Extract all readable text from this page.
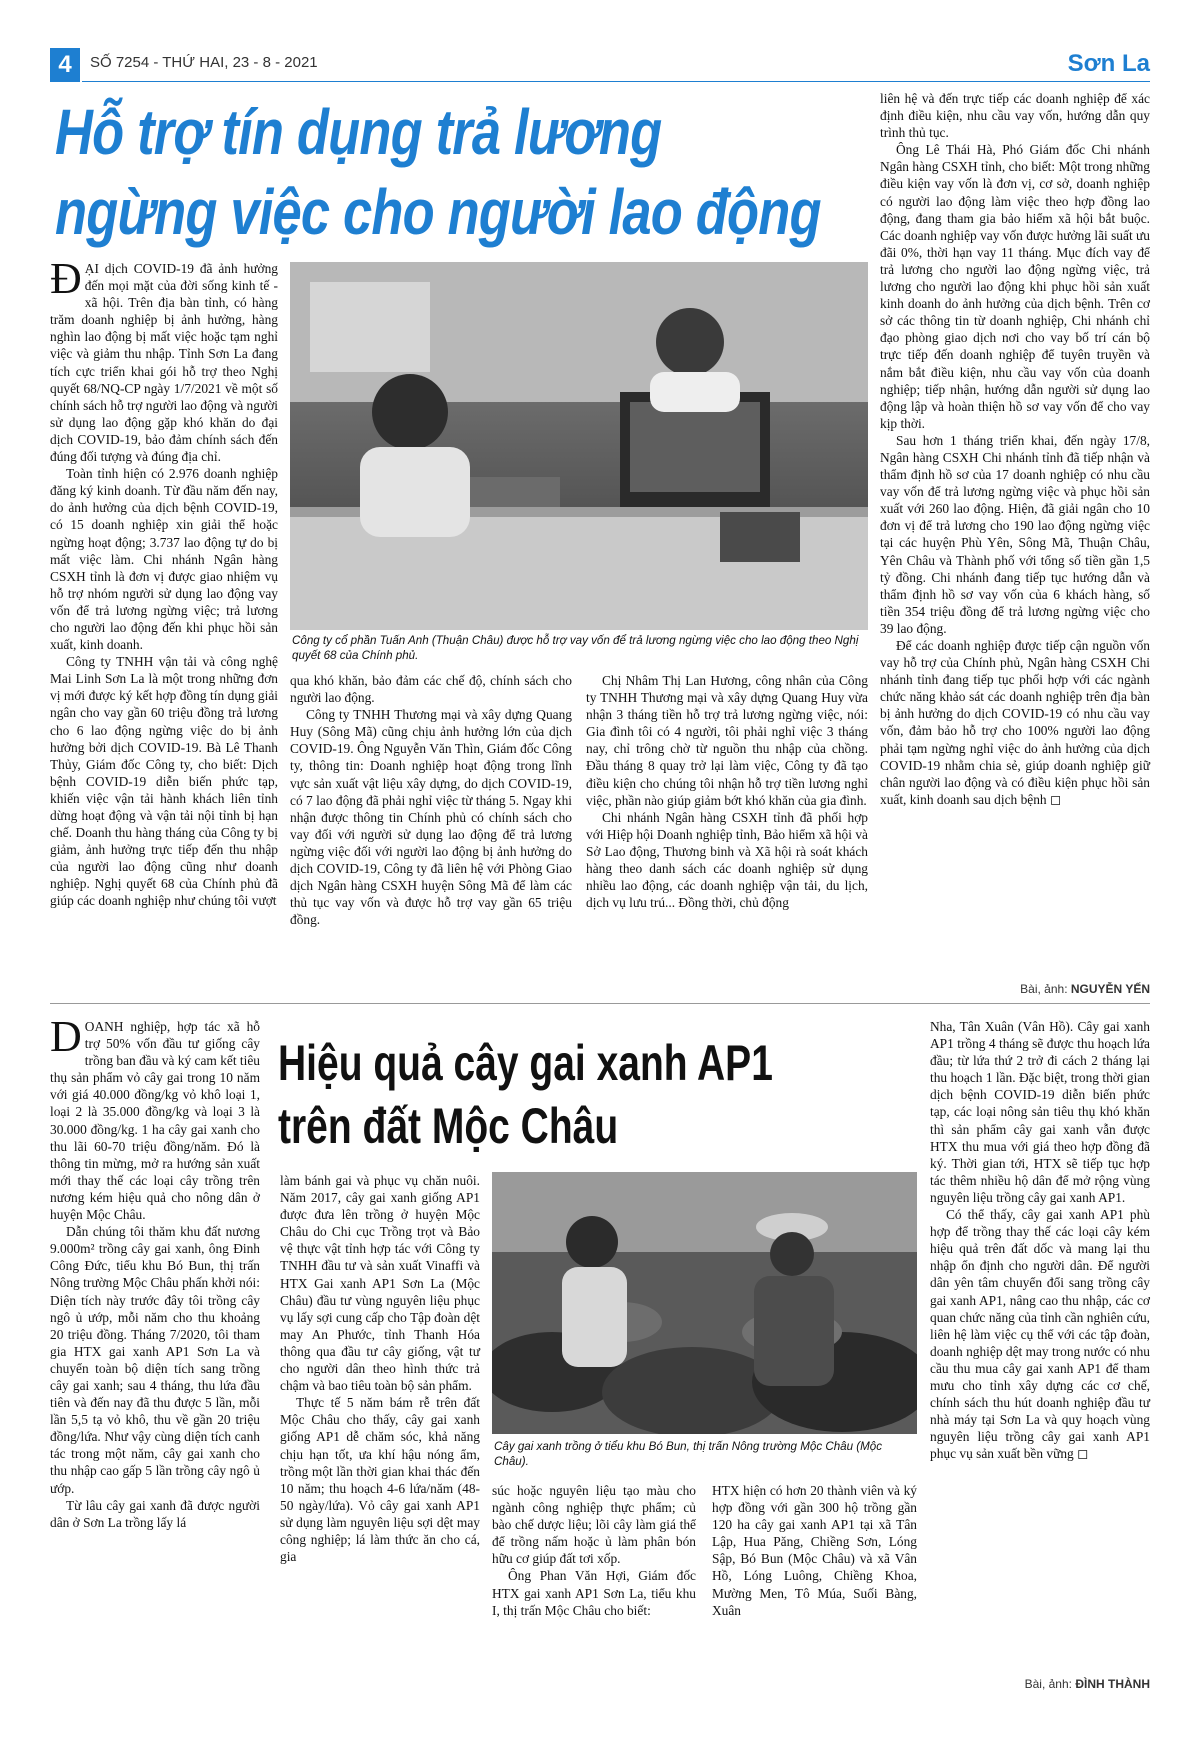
4	SỐ 7254 - THỨ HAI, 23 - 8 - 2021	Sơn La
Hỗ trợ tín dụng trả lương
ngừng việc cho người lao động

ĐẠI dịch COVID-19 đã ảnh hưởng đến mọi mặt của đời sống kinh tế - xã hội. Trên địa bàn tỉnh, có hàng trăm doanh nghiệp bị ảnh hưởng, hàng nghìn lao động bị mất việc hoặc tạm nghỉ việc và giảm thu nhập. Tỉnh Sơn La đang tích cực triển khai gói hỗ trợ theo Nghị quyết 68/NQ-CP ngày 1/7/2021 về một số chính sách hỗ trợ người lao động và người sử dụng lao động gặp khó khăn do đại dịch COVID-19, bảo đảm chính sách đến đúng đối tượng và đúng địa chỉ.

Toàn tỉnh hiện có 2.976 doanh nghiệp đăng ký kinh doanh. Từ đầu năm đến nay, do ảnh hưởng của dịch bệnh COVID-19, có 15 doanh nghiệp xin giải thể hoặc ngừng hoạt động; 3.737 lao động tự do bị mất việc làm. Chi nhánh Ngân hàng CSXH tỉnh là đơn vị được giao nhiệm vụ hỗ trợ nhóm người sử dụng lao động vay vốn để trả lương ngừng việc; trả lương cho người lao động đến khi phục hồi sản xuất, kinh doanh.

Công ty TNHH vận tải và công nghệ Mai Linh Sơn La là một trong những đơn vị mới được ký kết hợp đồng tín dụng giải ngân cho vay gần 60 triệu đồng trả lương cho 6 lao động ngừng việc do bị ảnh hưởng bởi dịch COVID-19. Bà Lê Thanh Thủy, Giám đốc Công ty, cho biết: Dịch bệnh COVID-19 diễn biến phức tạp, khiến việc vận tải hành khách liên tỉnh dừng hoạt động và vận tải nội tỉnh bị hạn chế. Doanh thu hàng tháng của Công ty bị giảm, ảnh hưởng trực tiếp đến thu nhập của người lao động cũng như doanh nghiệp. Nghị quyết 68 của Chính phủ đã giúp các doanh nghiệp như chúng tôi vượt

Công ty cổ phần Tuấn Anh (Thuận Châu) được hỗ trợ vay vốn để trả lương ngừng việc cho lao động theo Nghị quyết 68 của Chính phủ.

qua khó khăn, bảo đảm các chế độ, chính sách cho người lao động.

Công ty TNHH Thương mại và xây dựng Quang Huy (Sông Mã) cũng chịu ảnh hưởng lớn của dịch COVID-19. Ông Nguyễn Văn Thìn, Giám đốc Công ty, thông tin: Doanh nghiệp hoạt động trong lĩnh vực sản xuất vật liệu xây dựng, do dịch COVID-19, có 7 lao động đã phải nghỉ việc từ tháng 5. Ngay khi nhận được thông tin Chính phủ có chính sách cho vay đối với người sử dụng lao động để trả lương ngừng việc đối với người lao động bị ảnh hưởng do dịch COVID-19, Công ty đã liên hệ với Phòng Giao dịch Ngân hàng CSXH huyện Sông Mã để làm các thủ tục vay vốn và được hỗ trợ vay gần 65 triệu đồng.

Chị Nhâm Thị Lan Hương, công nhân của Công ty TNHH Thương mại và xây dựng Quang Huy vừa nhận 3 tháng tiền hỗ trợ trả lương ngừng việc, nói: Gia đình tôi có 4 người, tôi phải nghỉ việc 3 tháng nay, chỉ trông chờ từ nguồn thu nhập của chồng. Đầu tháng 8 quay trở lại làm việc, Công ty đã tạo điều kiện cho chúng tôi nhận hỗ trợ tiền lương nghỉ việc, phần nào giúp giảm bớt khó khăn của gia đình.

Chi nhánh Ngân hàng CSXH tỉnh đã phối hợp với Hiệp hội Doanh nghiệp tỉnh, Bảo hiểm xã hội và Sở Lao động, Thương binh và Xã hội rà soát khách hàng theo danh sách các doanh nghiệp sử dụng nhiều lao động, các doanh nghiệp vận tải, du lịch, dịch vụ lưu trú... Đồng thời, chủ động

liên hệ và đến trực tiếp các doanh nghiệp để xác định điều kiện, nhu cầu vay vốn, hướng dẫn quy trình thủ tục.

Ông Lê Thái Hà, Phó Giám đốc Chi nhánh Ngân hàng CSXH tỉnh, cho biết: Một trong những điều kiện vay vốn là đơn vị, cơ sở, doanh nghiệp có người lao động làm việc theo hợp đồng lao động, đang tham gia bảo hiểm xã hội bắt buộc. Các doanh nghiệp vay vốn được hưởng lãi suất ưu đãi 0%, thời hạn vay 11 tháng. Mục đích vay để trả lương cho người lao động ngừng việc, trả lương cho người lao động khi phục hồi sản xuất kinh doanh do ảnh hưởng của dịch bệnh. Trên cơ sở các thông tin từ doanh nghiệp, Chi nhánh chỉ đạo phòng giao dịch nơi cho vay bố trí cán bộ trực tiếp đến doanh nghiệp để tuyên truyền và nắm bắt điều kiện, nhu cầu vay vốn của doanh nghiệp; tiếp nhận, hướng dẫn người sử dụng lao động lập và hoàn thiện hồ sơ vay vốn để cho vay kịp thời.

Sau hơn 1 tháng triển khai, đến ngày 17/8, Ngân hàng CSXH Chi nhánh tỉnh đã tiếp nhận và thẩm định hồ sơ của 17 doanh nghiệp có nhu cầu vay vốn để trả lương ngừng việc và phục hồi sản xuất với 260 lao động. Hiện, đã giải ngân cho 10 đơn vị để trả lương cho 190 lao động ngừng việc tại các huyện Phù Yên, Sông Mã, Thuận Châu, Yên Châu và Thành phố với tổng số tiền gần 1,5 tỷ đồng. Chi nhánh đang tiếp tục hướng dẫn và thẩm định hồ sơ vay vốn của 6 khách hàng, số tiền 354 triệu đồng để trả lương ngừng việc cho 39 lao động.

Để các doanh nghiệp được tiếp cận nguồn vốn vay hỗ trợ của Chính phủ, Ngân hàng CSXH Chi nhánh tỉnh đang tiếp tục phối hợp với các ngành chức năng khảo sát các doanh nghiệp trên địa bàn bị ảnh hưởng do dịch COVID-19 có nhu cầu vay vốn, đảm bảo hỗ trợ cho 100% người lao động phải tạm ngừng nghỉ việc do ảnh hưởng của dịch COVID-19 nhằm chia sẻ, giúp doanh nghiệp giữ chân người lao động và có điều kiện phục hồi sản xuất, kinh doanh sau dịch bệnh ◻

Bài, ảnh: NGUYỄN YẾN

DOANH nghiệp, hợp tác xã hỗ trợ 50% vốn đầu tư giống cây trồng ban đầu và ký cam kết tiêu thụ sản phẩm vỏ cây gai trong 10 năm với giá 40.000 đồng/kg vỏ khô loại 1, loại 2 là 35.000 đồng/kg và loại 3 là 30.000 đồng/kg. 1 ha cây gai xanh cho thu lãi 60-70 triệu đồng/năm. Đó là thông tin mừng, mở ra hướng sản xuất mới thay thế các loại cây trồng trên nương kém hiệu quả cho nông dân ở huyện Mộc Châu.

Dẫn chúng tôi thăm khu đất nương 9.000m² trồng cây gai xanh, ông Đinh Công Đức, tiểu khu Bó Bun, thị trấn Nông trường Mộc Châu phấn khởi nói: Diện tích này trước đây tôi trồng cây ngô ủ ướp, mỗi năm cho thu khoảng 20 triệu đồng. Tháng 7/2020, tôi tham gia HTX gai xanh AP1 Sơn La và chuyển toàn bộ diện tích sang trồng cây gai xanh; sau 4 tháng, thu lứa đầu tiên và đến nay đã thu được 5 lần, mỗi lần 5,5 tạ vỏ khô, thu về gần 20 triệu đồng/lứa. Như vậy cùng diện tích canh tác trong một năm, cây gai xanh cho thu nhập cao gấp 5 lần trồng cây ngô ủ ướp.

Từ lâu cây gai xanh đã được người dân ở Sơn La trồng lấy lá

Hiệu quả cây gai xanh AP1
trên đất Mộc Châu

làm bánh gai và phục vụ chăn nuôi. Năm 2017, cây gai xanh giống AP1 được đưa lên trồng ở huyện Mộc Châu do Chi cục Trồng trọt và Bảo vệ thực vật tỉnh hợp tác với Công ty TNHH đầu tư và sản xuất Vinaffi và HTX Gai xanh AP1 Sơn La (Mộc Châu) đầu tư vùng nguyên liệu phục vụ lấy sợi cung cấp cho Tập đoàn dệt may An Phước, tỉnh Thanh Hóa thông qua đầu tư cây giống, vật tư cho người dân theo hình thức trả chậm và bao tiêu toàn bộ sản phẩm.

Thực tế 5 năm bám rễ trên đất Mộc Châu cho thấy, cây gai xanh giống AP1 dễ chăm sóc, khả năng chịu hạn tốt, ưa khí hậu nóng ẩm, trồng một lần thời gian khai thác đến 10 năm; thu hoạch 4-6 lứa/năm (48-50 ngày/lứa). Vỏ cây gai xanh AP1 sử dụng làm nguyên liệu sợi dệt may công nghiệp; lá làm thức ăn cho cá, gia

Cây gai xanh trồng ở tiểu khu Bó Bun, thị trấn Nông trường Mộc Châu (Mộc Châu).

súc hoặc nguyên liệu tạo màu cho ngành công nghiệp thực phẩm; củ bào chế dược liệu; lõi cây làm giá thể để trồng nấm hoặc ủ làm phân bón hữu cơ giúp đất tơi xốp.

Ông Phan Văn Hợi, Giám đốc HTX gai xanh AP1 Sơn La, tiểu khu I, thị trấn Mộc Châu cho biết:

HTX hiện có hơn 20 thành viên và ký hợp đồng với gần 300 hộ trồng gần 120 ha cây gai xanh AP1 tại xã Tân Lập, Hua Păng, Chiềng Sơn, Lóng Sập, Bó Bun (Mộc Châu) và xã Vân Hồ, Lóng Luông, Chiềng Khoa, Mường Men, Tô Múa, Suối Bàng, Xuân

Nha, Tân Xuân (Vân Hồ). Cây gai xanh AP1 trồng 4 tháng sẽ được thu hoạch lứa đầu; từ lứa thứ 2 trở đi cách 2 tháng lại thu hoạch 1 lần. Đặc biệt, trong thời gian dịch bệnh COVID-19 diễn biến phức tạp, các loại nông sản tiêu thụ khó khăn thì sản phẩm cây gai xanh vẫn được HTX thu mua với giá theo hợp đồng đã ký. Thời gian tới, HTX sẽ tiếp tục hợp tác thêm nhiều hộ dân để mở rộng vùng nguyên liệu trồng cây gai xanh AP1.

Có thể thấy, cây gai xanh AP1 phù hợp để trồng thay thế các loại cây kém hiệu quả trên đất dốc và mang lại thu nhập ổn định cho người dân. Để người dân yên tâm chuyển đổi sang trồng cây gai xanh AP1, nâng cao thu nhập, các cơ quan chức năng của tỉnh cần nghiên cứu, liên hệ làm việc cụ thể với các tập đoàn, doanh nghiệp dệt may trong nước có nhu cầu thu mua cây gai xanh AP1 để tham mưu cho tỉnh xây dựng các cơ chế, chính sách thu hút doanh nghiệp đầu tư nhà máy tại Sơn La và quy hoạch vùng nguyên liệu trồng cây gai xanh AP1 phục vụ sản xuất bền vững ◻

Bài, ảnh: ĐÌNH THÀNH
